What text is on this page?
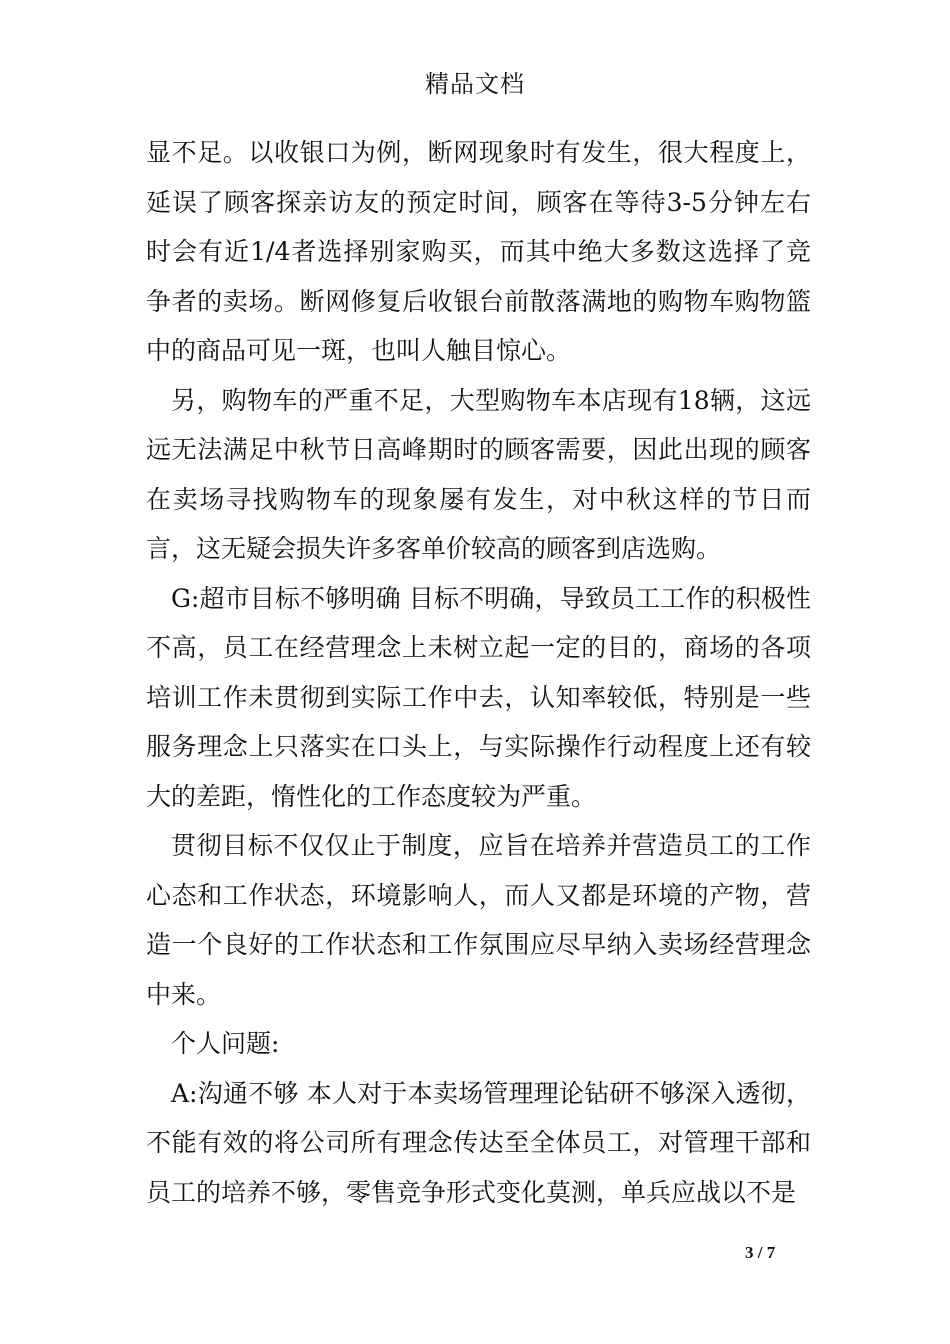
精品文档

显不足。以收银口为例，断网现象时有发生，很大程度上，延误了顾客探亲访友的预定时间，顾客在等待3-5分钟左右时会有近1/4者选择别家购买，而其中绝大多数这选择了竞争者的卖场。断网修复后收银台前散落满地的购物车购物篮中的商品可见一斑，也叫人触目惊心。

另，购物车的严重不足，大型购物车本店现有18辆，这远远无法满足中秋节日高峰期时的顾客需要，因此出现的顾客在卖场寻找购物车的现象屡有发生，对中秋这样的节日而言，这无疑会损失许多客单价较高的顾客到店选购。

G:超市目标不够明确 目标不明确，导致员工工作的积极性不高，员工在经营理念上未树立起一定的目的，商场的各项培训工作未贯彻到实际工作中去，认知率较低，特别是一些服务理念上只落实在口头上，与实际操作行动程度上还有较大的差距，惰性化的工作态度较为严重。

贯彻目标不仅仅止于制度，应旨在培养并营造员工的工作心态和工作状态，环境影响人，而人又都是环境的产物，营造一个良好的工作状态和工作氛围应尽早纳入卖场经营理念中来。

个人问题:

A:沟通不够 本人对于本卖场管理理论钻研不够深入透彻，不能有效的将公司所有理念传达至全体员工，对管理干部和员工的培养不够，零售竞争形式变化莫测，单兵应战以不是

3 / 7
